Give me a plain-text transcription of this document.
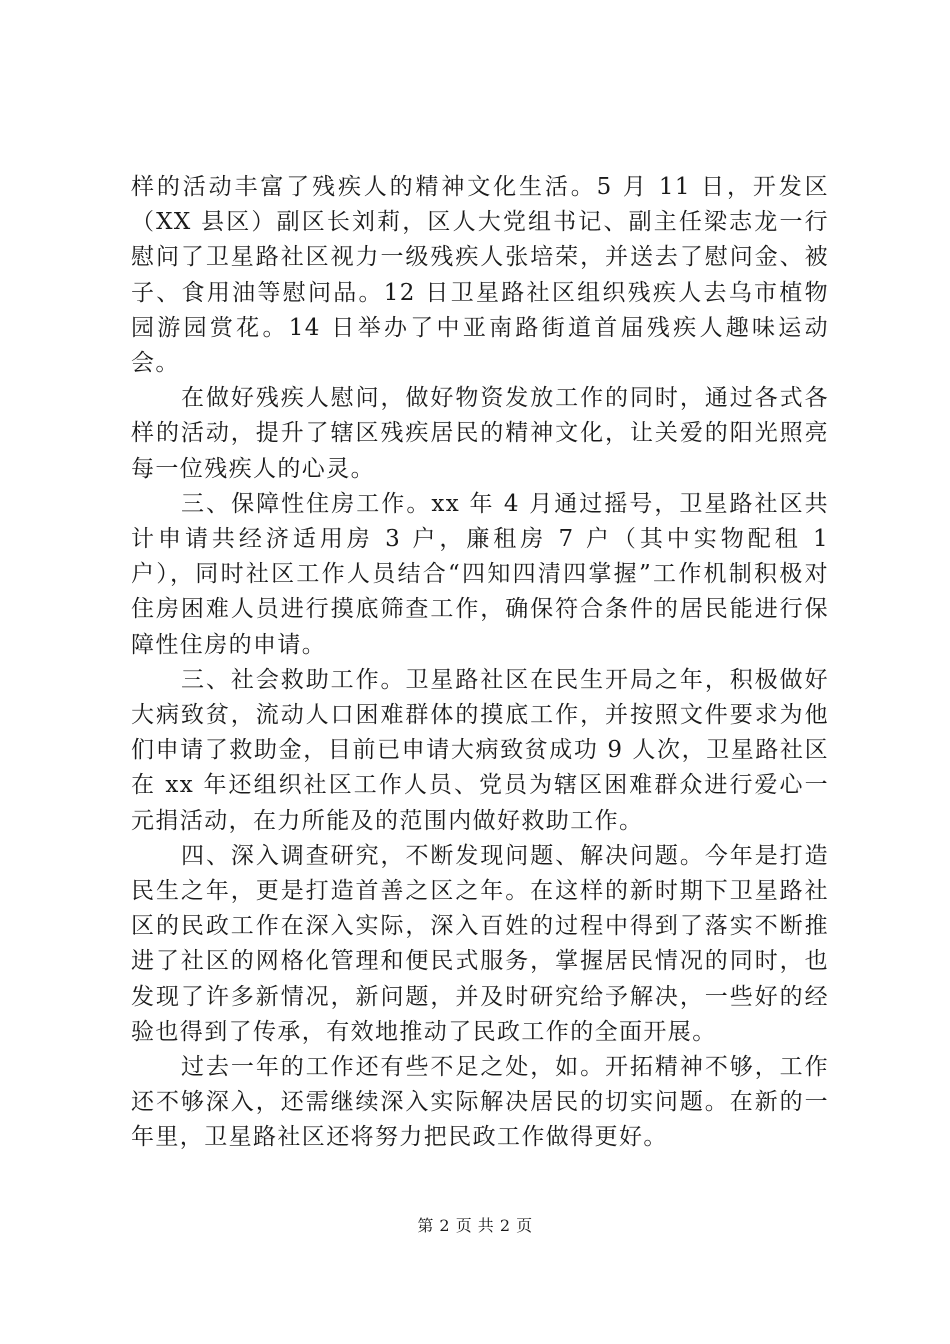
样的活动丰富了残疾人的精神文化生活。5 月 11 日，开发区（XX 县区）副区长刘莉，区人大党组书记、副主任梁志龙一行慰问了卫星路社区视力一级残疾人张培荣，并送去了慰问金、被子、食用油等慰问品。12 日卫星路社区组织残疾人去乌市植物园游园赏花。14 日举办了中亚南路街道首届残疾人趣味运动会。

在做好残疾人慰问，做好物资发放工作的同时，通过各式各样的活动，提升了辖区残疾居民的精神文化，让关爱的阳光照亮每一位残疾人的心灵。

三、保障性住房工作。xx 年 4 月通过摇号，卫星路社区共计申请共经济适用房 3 户，廉租房 7 户（其中实物配租 1 户），同时社区工作人员结合“四知四清四掌握”工作机制积极对住房困难人员进行摸底筛查工作，确保符合条件的居民能进行保障性住房的申请。

三、社会救助工作。卫星路社区在民生开局之年，积极做好大病致贫，流动人口困难群体的摸底工作，并按照文件要求为他们申请了救助金，目前已申请大病致贫成功 9 人次，卫星路社区在 xx 年还组织社区工作人员、党员为辖区困难群众进行爱心一元捐活动，在力所能及的范围内做好救助工作。

四、深入调查研究，不断发现问题、解决问题。今年是打造民生之年，更是打造首善之区之年。在这样的新时期下卫星路社区的民政工作在深入实际，深入百姓的过程中得到了落实不断推进了社区的网格化管理和便民式服务，掌握居民情况的同时，也发现了许多新情况，新问题，并及时研究给予解决，一些好的经验也得到了传承，有效地推动了民政工作的全面开展。

过去一年的工作还有些不足之处，如。开拓精神不够，工作还不够深入，还需继续深入实际解决居民的切实问题。在新的一年里，卫星路社区还将努力把民政工作做得更好。

第 2 页 共 2 页
